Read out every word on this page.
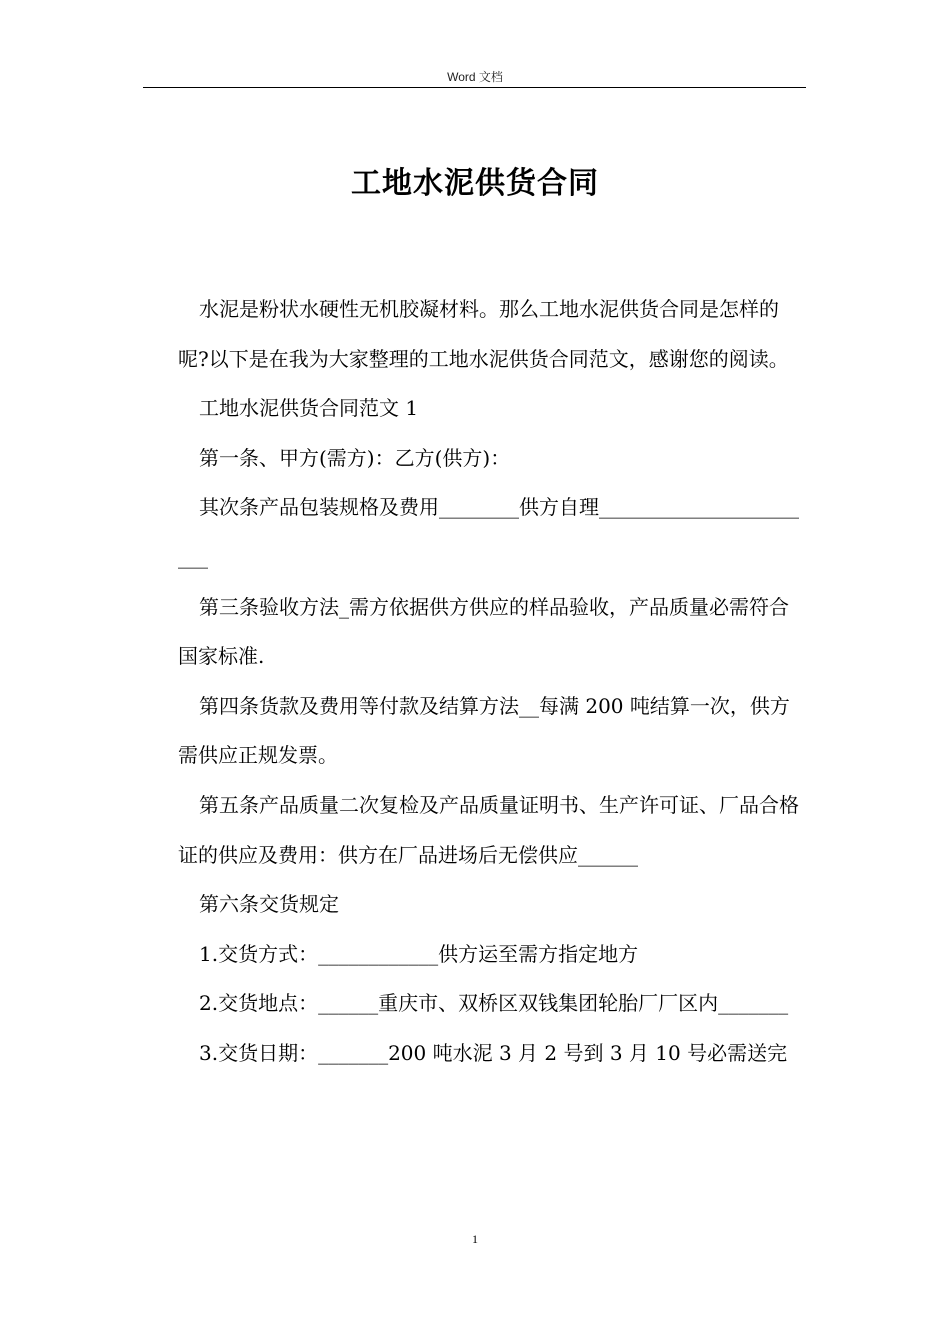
Word 文档
工地水泥供货合同

水泥是粉状水硬性无机胶凝材料。那么工地水泥供货合同是怎样的呢?以下是在我为大家整理的工地水泥供货合同范文，感谢您的阅读。

工地水泥供货合同范文 1

第一条、甲方(需方)：乙方(供方)：

其次条产品包装规格及费用________供方自理_______________________

第三条验收方法_需方依据供方供应的样品验收，产品质量必需符合国家标准.

第四条货款及费用等付款及结算方法__每满 200 吨结算一次，供方需供应正规发票。

第五条产品质量二次复检及产品质量证明书、生产许可证、厂品合格证的供应及费用：供方在厂品进场后无偿供应______

第六条交货规定

1.交货方式：____________供方运至需方指定地方

2.交货地点：______重庆市、双桥区双钱集团轮胎厂厂区内_______

3.交货日期：_______200 吨水泥 3 月 2 号到 3 月 10 号必需送完

1
